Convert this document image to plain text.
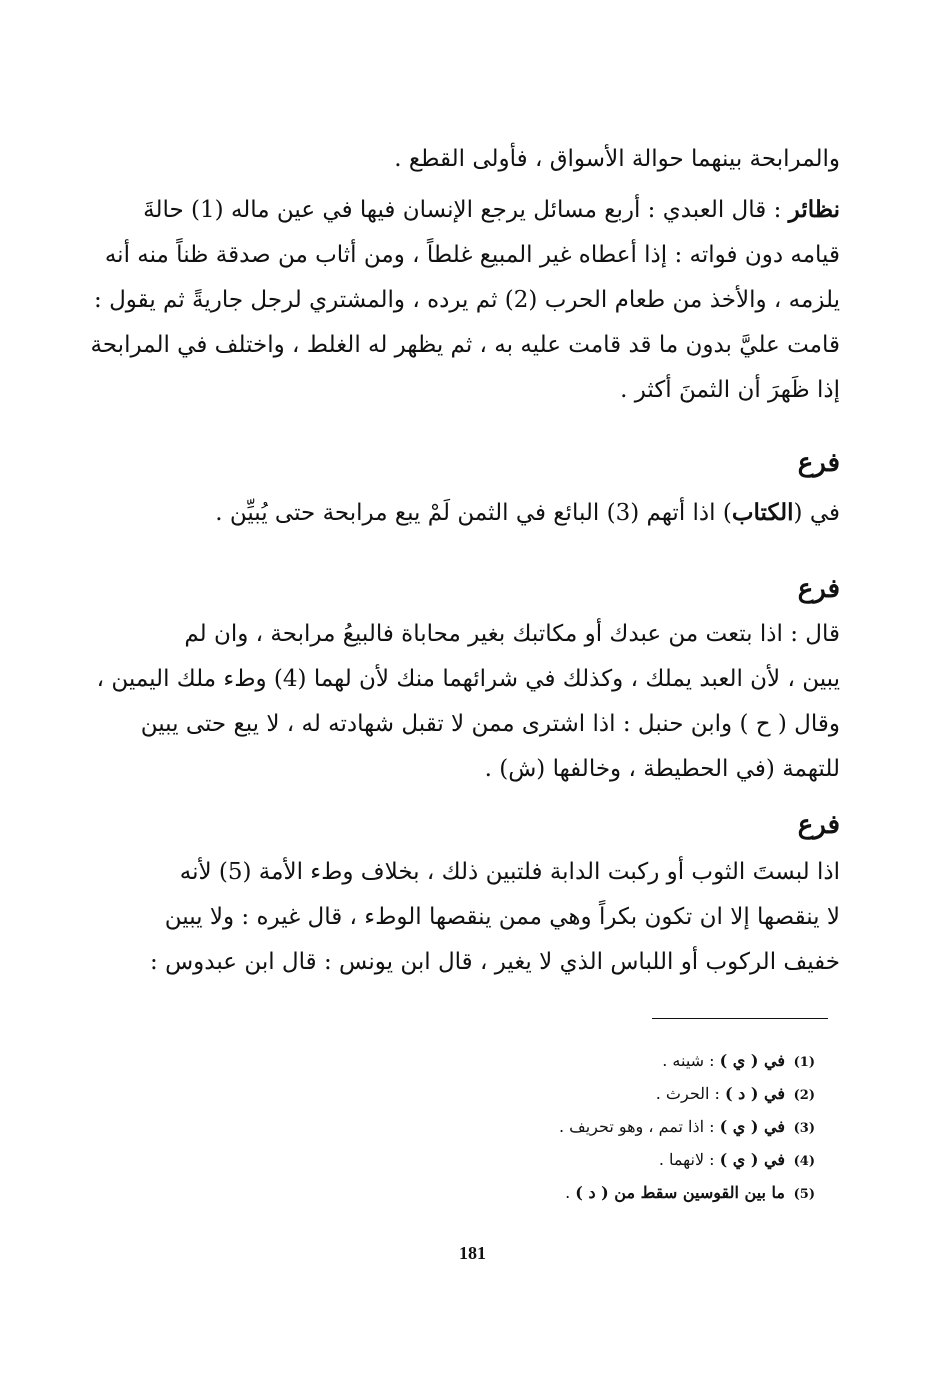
والمرابحة بينهما حوالة الأسواق ، فأولى القطع .
نظائر : قال العبدي : أربع مسائل يرجع الإنسان فيها في عين ماله (1) حالةَ
قيامه دون فواته : إذا أعطاه غير المبيع غلطاً ، ومن أثاب من صدقة ظناً منه أنه
يلزمه ، والأخذ من طعام الحرب (2) ثم يرده ، والمشتري لرجل جاريةً ثم يقول :
قامت عليَّ بدون ما قد قامت عليه به ، ثم يظهر له الغلط ، واختلف في المرابحة
إذا ظَهرَ أن الثمنَ أكثر .
فرع
في (الكتاب) اذا أتهم (3) البائع في الثمن لَمْ يبع مرابحة حتى يُبيِّن .
فرع
قال : اذا بتعت من عبدك أو مكاتبك بغير محاباة فالبيعُ مرابحة ، وان لم
يبين ، لأن العبد يملك ، وكذلك في شرائهما منك لأن لهما (4) وطء ملك اليمين ،
وقال ( ح ) وابن حنبل : اذا اشترى ممن لا تقبل شهادته له ، لا يبع حتى يبين
للتهمة (في الحطيطة ، وخالفها (ش) .
فرع
اذا لبستَ الثوب أو ركبت الدابة فلتبين ذلك ، بخلاف وطء الأمة (5) لأنه
لا ينقصها إلا ان تكون بكراً وهي ممن ينقصها الوطء ، قال غيره : ولا يبين
خفيف الركوب أو اللباس الذي لا يغير ، قال ابن يونس : قال ابن عبدوس :
(1)في ( ي ) : شينه .
(2)في ( د ) : الحرث .
(3)في ( ي ) : اذا تمم ، وهو تحريف .
(4)في ( ي ) : لانهما .
(5)ما بين القوسين سقط من ( د ) .
181
